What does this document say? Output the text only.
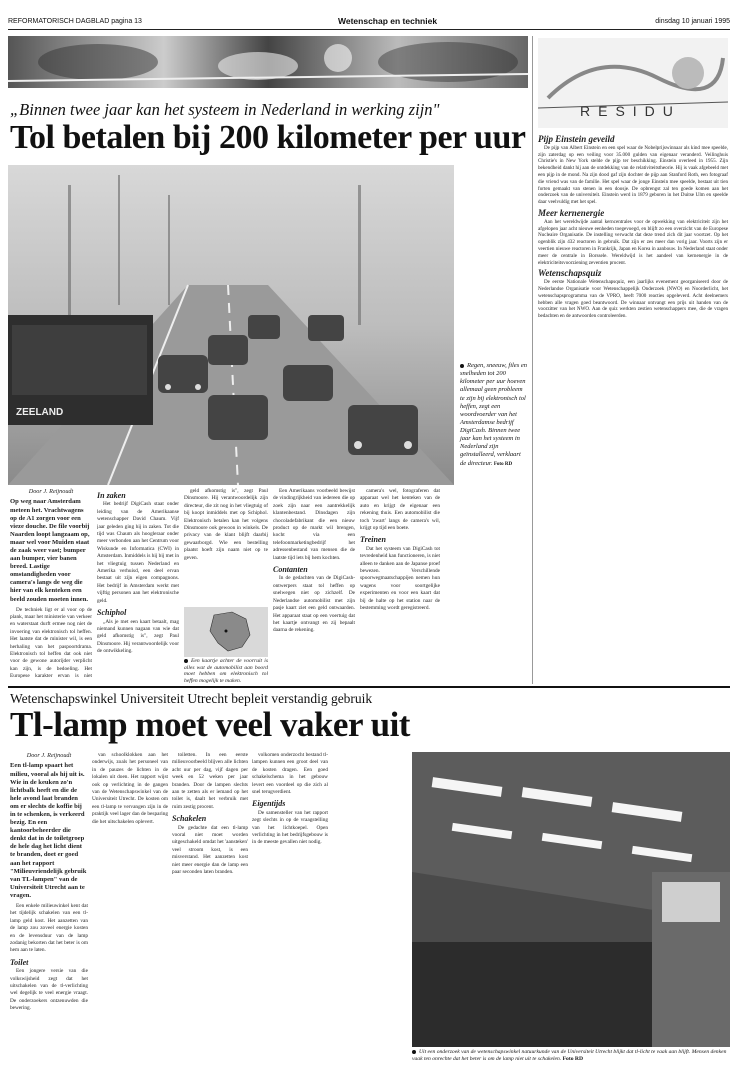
REFORMATORISCH DAGBLAD pagina 13	Wetenschap en techniek	dinsdag 10 januari 1995
„Binnen twee jaar kan het systeem in Nederland in werking zijn"
Tol betalen bij 200 kilometer per uur
ZEELAND
Regen, sneeuw, files en snelheden tot 200 kilometer per uur hoeven allemaal geen probleem te zijn bij elektronisch tol heffen, zegt een woordvoerder van het Amsterdamse bedrijf DigiCash. Binnen twee jaar kan het systeem in Nederland zijn geïnstalleerd, verklaart de directeur. Foto RD
Door J. Reijnoudt

Op weg naar Amsterdam meteen het. Vrachtwagens op de A1 zorgen voor een vieze douche. De file voorbij Naarden loopt langzaam op, maar wel voor Muiden staat de zaak weer vast; bumper aan bumper, vier banen breed. Lastige omstandigheden voor camera's langs de weg die hier van elk kenteken een beeld zouden moeten innen.

De techniek ligt er al voor op de plank, maar het ministerie van verkeer en waterstaat durft ermee nog niet de invoering van elektronisch tol heffen. Het laatste dat de minister wil, is een herhaling van het paspoortdrama. Elektronisch tol heffen dat ook niet voor de gewone autorijder verplicht kan zijn, is de bedoeling. Het Europese karakter ervan is niet

In zaken

Het bedrijf DigiCash staat onder leiding van de Amerikaanse wetenschapper David Chaum. Vijf jaar geleden ging hij in zaken. Tot die tijd was Chaum als hoogleraar onder meer verbonden aan het Centrum voor Wiskunde en Informatica (CWI) in Amsterdam. Inmiddels is hij bij met in het vliegtuig tussen Nederland en Amerika verhuisd, een deel ervan bestaat uit zijn eigen compagnons. Het bedrijf in Amsterdam werkt met vijftig personen aan het elektronische geld.

Schiphol

„Als je met een kaart betaalt, mag niemand kunnen nagaan van wie dat geld afkomstig is", zegt Paul Dinsmoore. Hij verantwoordelijk voor de ontwikkeling.

geld afkomstig is", zegt Paul Dinsmoore. Hij verantwoordelijk zijn directeur, die zit nog in het vliegtuig of bij koopt inmiddels met op Schiphol. Elektronisch betalen kan het volgens Dinsmoore ook gewoon in winkels. De privacy van de klant blijft daarbij gewaarborgd. Wie een bestelling plaatst hoeft zijn naam niet op te geven.

Een kaartje achter de voorruit is alles wat de automobilist aan boord moet hebben om elektronisch tol heffen mogelijk te maken.

Een Amerikaans voorbeeld bewijst de vindingrijkheid van iedereen die op zoek zijn naar een aantrekkelijk klantenbestand. Dinsdagen zijn chocoladefabrikant die een nieuw product op de markt wil brengen, kocht via een telefoonmarketingbedrijf het adressenbestand van mensen die de laatste tijd iets bij hem kochten.

Contanten

In de gedachten van de DigiCash-ontwerpers staat tol heffen op snelwegen niet op zichzelf. De Nederlandse automobilist met zijn pasje kaart ziet een geld ontwaarden. Het apparaat staat op een voertuig dat het kaartje ontvangt en zij bepaalt daarna de rekening.

camera's wel, fotograferen dat apparaat wel het kenteken van de auto en krijgt de eigenaar een rekening thuis. Een automobilist die toch 'zwart' langs de camera's wil, krijgt op tijd een boete.

Treinen

Dat het systeem van DigiCash tot tevredenheid kan functioneren, is niet alleen te danken aan de Japanse proef bewezen. Verschillende spoorwegmaatschappijen nemen hun wagens voor soortgelijke experimenten en voor een kaart dat bij de halte op het station naar de bestemming wordt geregistreerd.

RESIDU
Pijp Einstein geveild

De pijp van Albert Einstein en een spel waar de Nobelprijswinnaar als kind mee speelde, zijn zaterdag op een veiling voor 35.000 gulden van eigenaar veranderd. Veilinghuis Christie's in New York stelde de pijp ter beschikking. Einstein overleed in 1955. Zijn bekendheid dankt hij aan de ontdekking van de relativiteitstheorie. Hij is vaak afgebeeld met een pijp in de mond. Na zijn dood gaf zijn dochter de pijp aan Stanford Roth, een fotograaf die vriend was van de familie. Het spel waar de jonge Einstein mee speelde, bestaat uit tien forten gemaakt van stenen in een doosje. De opbrengst zal ten goede komen aan het onderzoek van de universiteit. Einstein werd in 1879 geboren in het Duitse Ulm en speelde daar veelvuldig met het spel.

Meer kernenergie

Aan het wereldwijde aantal kerncentrales voor de opwekking van elektriciteit zijn het afgelopen jaar acht nieuwe eenheden toegevoegd, en blijft zo een overzicht van de Europese Nucleaire Organisatie. De instelling verwacht dat deze trend zich dit jaar voortzet. Op het ogenblik zijn 432 reactoren in gebruik. Dat zijn er zes meer dan vorig jaar. Voorts zijn er veertien nieuwe reactoren in Frankrijk, Japan en Korea in aanbouw. In Nederland staat onder meer de centrale in Borssele. Wereldwijd is het aandeel van kernenergie in de elektriciteitsvoorziening zeventien procent.

Wetenschapsquiz

De eerste Nationale Wetenschapsquiz, een jaarlijks evenement georganiseerd door de Nederlandse Organisatie voor Wetenschappelijk Onderzoek (NWO) en Noorderlicht, het wetenschapsprogramma van de VPRO, heeft 7000 reacties opgeleverd. Acht deelnemers hebben alle vragen goed beantwoord. De winnaar ontvangt een prijs uit handen van de voorzitter van het NWO. Aan de quiz werkten zestien wetenschappers mee, die de vragen bedachten en de antwoorden controleerden.

Wetenschapswinkel Universiteit Utrecht bepleit verstandig gebruik
Tl-lamp moet veel vaker uit
Door J. Reijnoudt

Een tl-lamp spaart het milieu, vooral als hij uit is. Wie in de keuken zo'n lichtbalk heeft en die de hele avond laat branden om er slechts de koffie bij in te schenken, is verkeerd bezig. En een kantoorbeheerder die denkt dat in de toiletgroep de hele dag het licht dient te branden, doet er goed aan het rapport "Milieuvriendelijk gebruik van TL-lampen" van de Universiteit Utrecht aan te vragen.

Een enkele milieuwinkel kent dat het tijdelijk schakelen van een tl-lamp geld kost. Het aanzetten van de lamp zou zoveel energie kosten en de levensduur van de lamp zodanig bekorten dat het beter is om hem aan te laten.

Toilet

Een jongere versie van die volkswijsheid zegt dat het uitschakelen van de tl-verlichting wel degelijk te veel energie vraagt. De onderzoekers ontzenuwden die bewering.

van schoolklokken aan het onderwijs, zoals het personeel van in de pauzes de lichten in de lokalen uit doen. Het rapport wijst ook op verlichting in de gangen van de Wetenschapswinkel van de Universiteit Utrecht. De kosten om een tl-lamp te vervangen zijn in de praktijk veel lager dan de besparing die het uitschakelen oplevert.

toiletten. In een eerste milieuvoorbeeld blijven alle lichten acht uur per dag, vijf dagen per week en 52 weken per jaar branden. Door de lampen slechts aan te zetten als er iemand op het toilet is, daalt het verbruik met ruim zestig procent.

Schakelen

De gedachte dat een tl-lamp vooral niet moet worden uitgeschakeld omdat het 'aansteken' veel stroom kost, is een misverstand. Het aanzetten kost niet meer energie dan de lamp een paar seconden laten branden.

volkomen onderzocht bestand tl-lampen kunnen een groot deel van de kosten dragen. Een goed schakelschema in het gebouw levert een voordeel op die zich al snel terugverdient.

Eigentijds

De samensteller van het rapport zegt slechts in op de vraagstelling van het lichtkoepel. Open verlichting in het bedrijfsgebouw is in de meeste gevallen niet nodig.

Uit een onderzoek van de wetenschapswinkel natuurkunde van de Universiteit Utrecht blijkt dat tl-licht te vaak aan blijft. Mensen denken vaak ten onrechte dat het beter is om de lamp niet uit te schakelen. Foto RD
